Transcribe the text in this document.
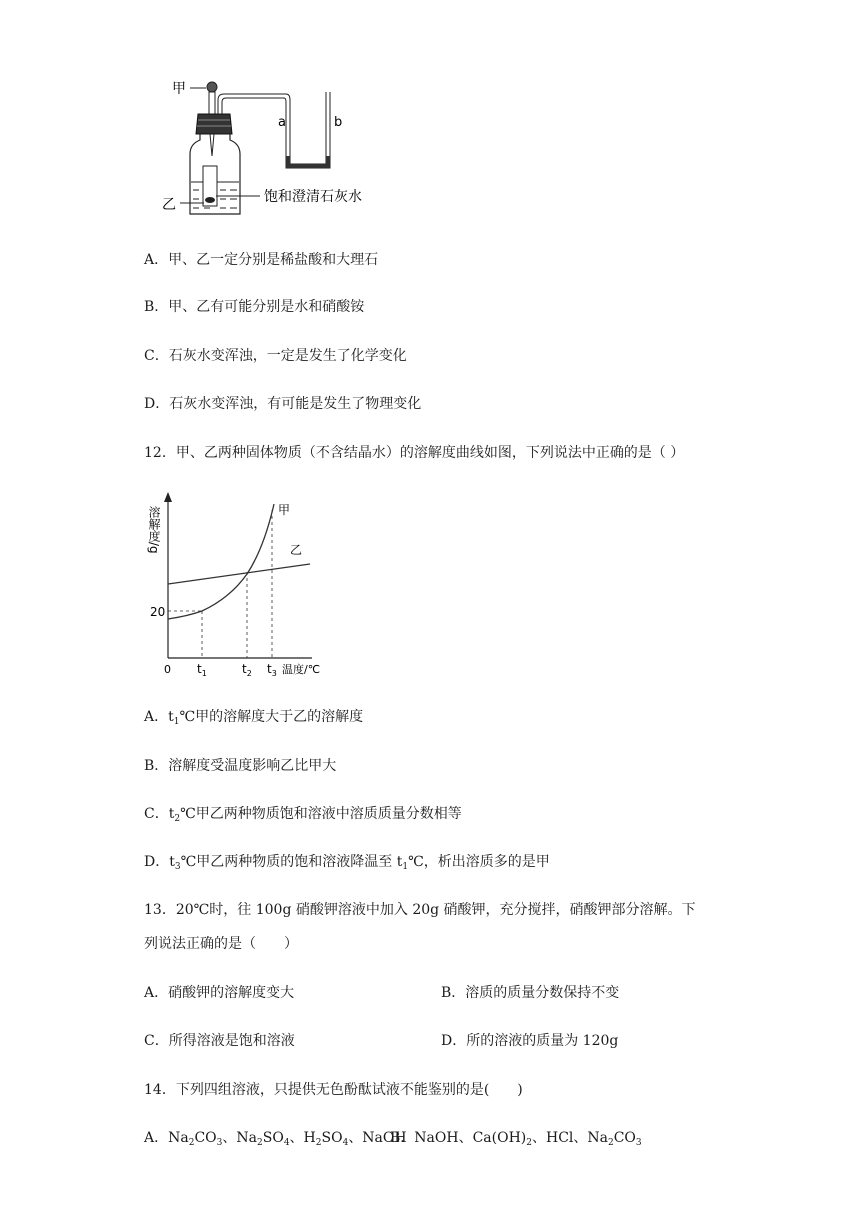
甲
乙
a	b
饱和澄清石灰水
A．甲、乙一定分别是稀盐酸和大理石
B．甲、乙有可能分别是水和硝酸铵
C．石灰水变浑浊，一定是发生了化学变化
D．石灰水变浑浊，有可能是发生了物理变化
12．甲、乙两种固体物质（不含结晶水）的溶解度曲线如图，下列说法中正确的是（ ）
溶解度/g	甲
乙
20
0 $t_1$	$t_2$ $t_3$ 温度/℃
A．$t_1℃$甲的溶解度大于乙的溶解度
B．溶解度受温度影响乙比甲大
C．$t_2℃$甲乙两种物质饱和溶液中溶质质量分数相等
D．$t_3℃$甲乙两种物质的饱和溶液降温至 $t_1℃$，析出溶质多的是甲
13．20℃时，往 100g 硝酸钾溶液中加入 20g 硝酸钾，充分搅拌，硝酸钾部分溶解。下
列说法正确的是（　　）
A．硝酸钾的溶解度变大	B．溶质的质量分数保持不变
C．所得溶液是饱和溶液	D．所的溶液的质量为 120g
14．下列四组溶液，只提供无色酚酞试液不能鉴别的是(　　)
A．$Na_2CO_3$、$Na_2SO_4$、$H_2SO_4$、NaOH
B．NaOH、$Ca(OH)_2$、HCl、$Na_2CO_3$
